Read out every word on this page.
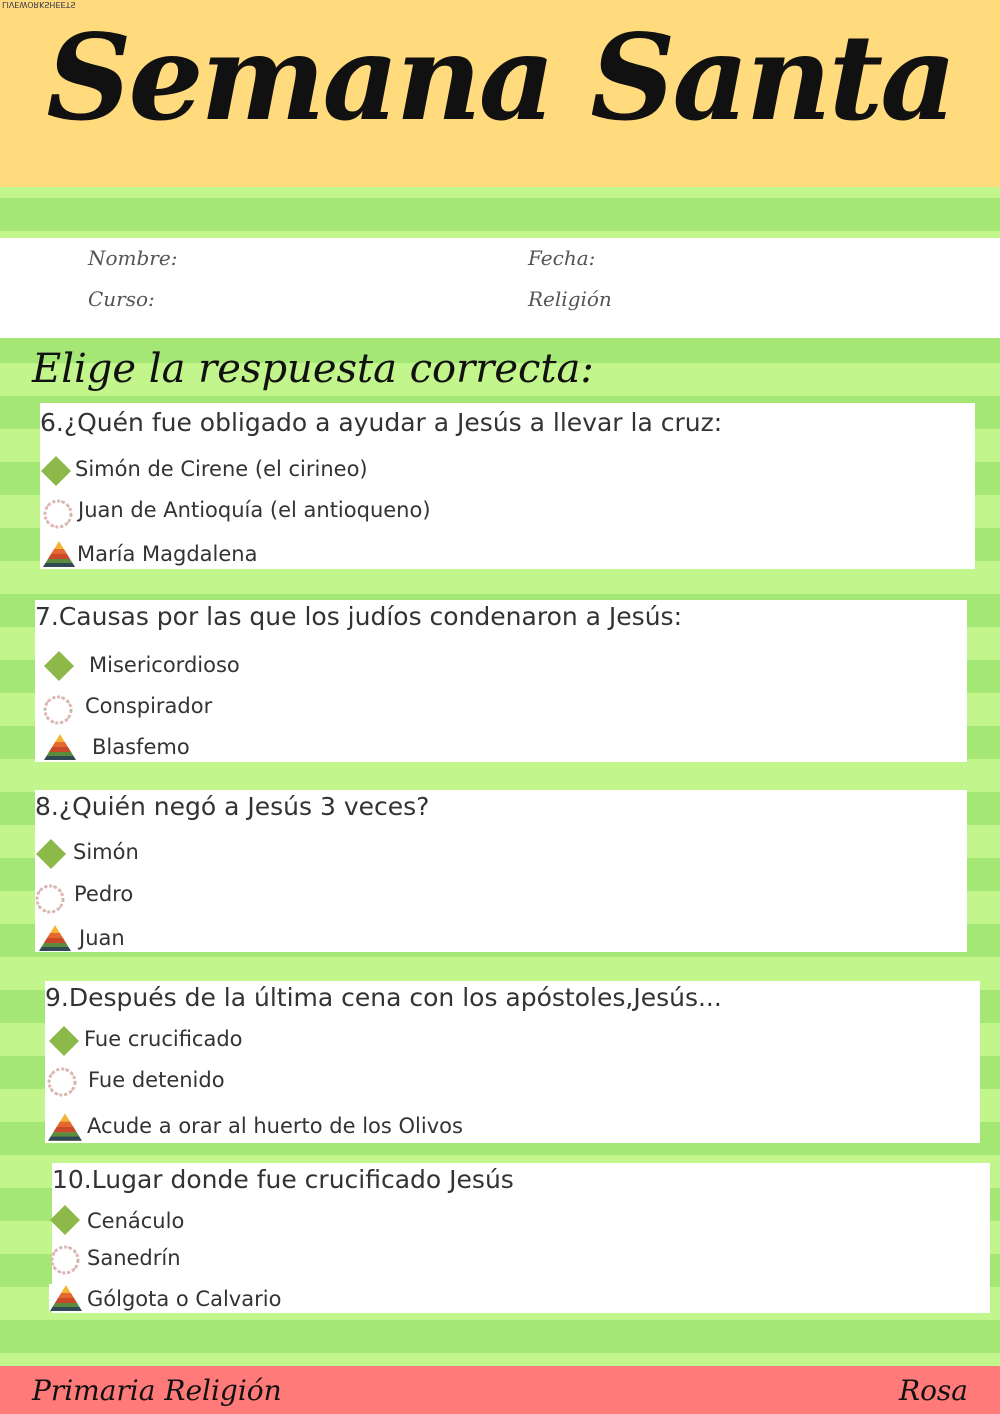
LIVEWORKSHEETS
Semana Santa
Nombre:	Fecha:
Curso:	Religión
Elige la respuesta correcta:
6.¿Quén fue obligado a ayudar a Jesús a llevar la cruz:
Simón de Cirene (el cirineo)
Juan de Antioquía (el antioqueno)
María Magdalena
7.Causas por las que los judíos condenaron a Jesús:
Misericordioso
Conspirador
Blasfemo
8.¿Quién negó a Jesús 3 veces?
Simón
Pedro
Juan
9.Después de la última cena con los apóstoles,Jesús...
Fue crucificado
Fue detenido
Acude a orar al huerto de los Olivos
10.Lugar donde fue crucificado Jesús
Cenáculo
Sanedrín
Gólgota o Calvario
Primaria Religión	Rosa
